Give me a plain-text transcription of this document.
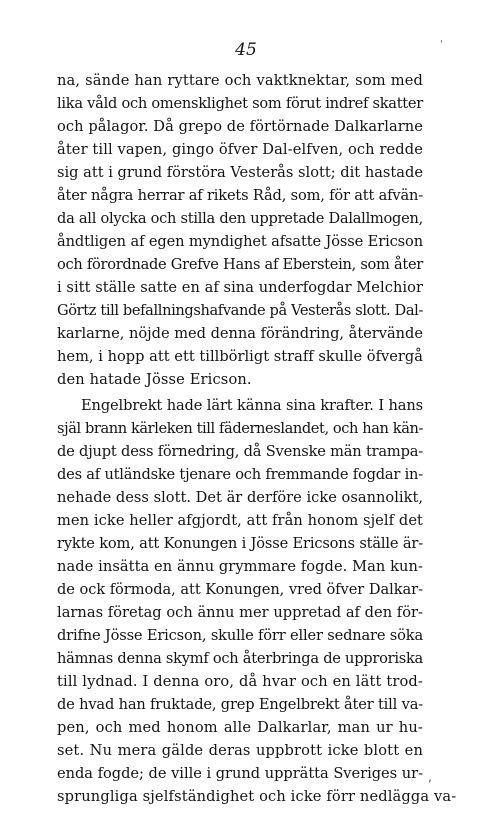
45
na, sände han ryttare och vaktknektar, som med
lika våld och omensklighet som förut indref skatter
och pålagor. Då grepo de förtörnade Dalkarlarne
åter till vapen, gingo öfver Dal-elfven, och redde
sig att i grund förstöra Vesterås slott; dit hastade
åter några herrar af rikets Råd, som, för att afvän-
da all olycka och stilla den uppretade Dalallmogen,
åndtligen af egen myndighet afsatte Jösse Ericson
och förordnade Grefve Hans af Eberstein, som åter
i sitt ställe satte en af sina underfogdar Melchior
Görtz till befallningshafvande på Vesterås slott. Dal-
karlarne, nöjde med denna förändring, återvände
hem, i hopp att ett tillbörligt straff skulle öfvergå
den hatade Jösse Ericson.
Engelbrekt hade lärt känna sina krafter. I hans
själ brann kärleken till fäderneslandet, och han kän-
de djupt dess förnedring, då Svenske män trampa-
des af utländske tjenare och fremmande fogdar in-
nehade dess slott. Det är derföre icke osannolikt,
men icke heller afgjordt, att från honom sjelf det
rykte kom, att Konungen i Jösse Ericsons ställe är-
nade insätta en ännu grymmare fogde. Man kun-
de ock förmoda, att Konungen, vred öfver Dalkar-
larnas företag och ännu mer uppretad af den för-
drifne Jösse Ericson, skulle förr eller sednare söka
hämnas denna skymf och återbringa de upproriska
till lydnad. I denna oro, då hvar och en lätt trod-
de hvad han fruktade, grep Engelbrekt åter till va-
pen, och med honom alle Dalkarlar, man ur hu-
set. Nu mera gälde deras uppbrott icke blott en
enda fogde; de ville i grund upprätta Sveriges ur-
sprungliga sjelfständighet och icke förr nedlägga va-
'
,
